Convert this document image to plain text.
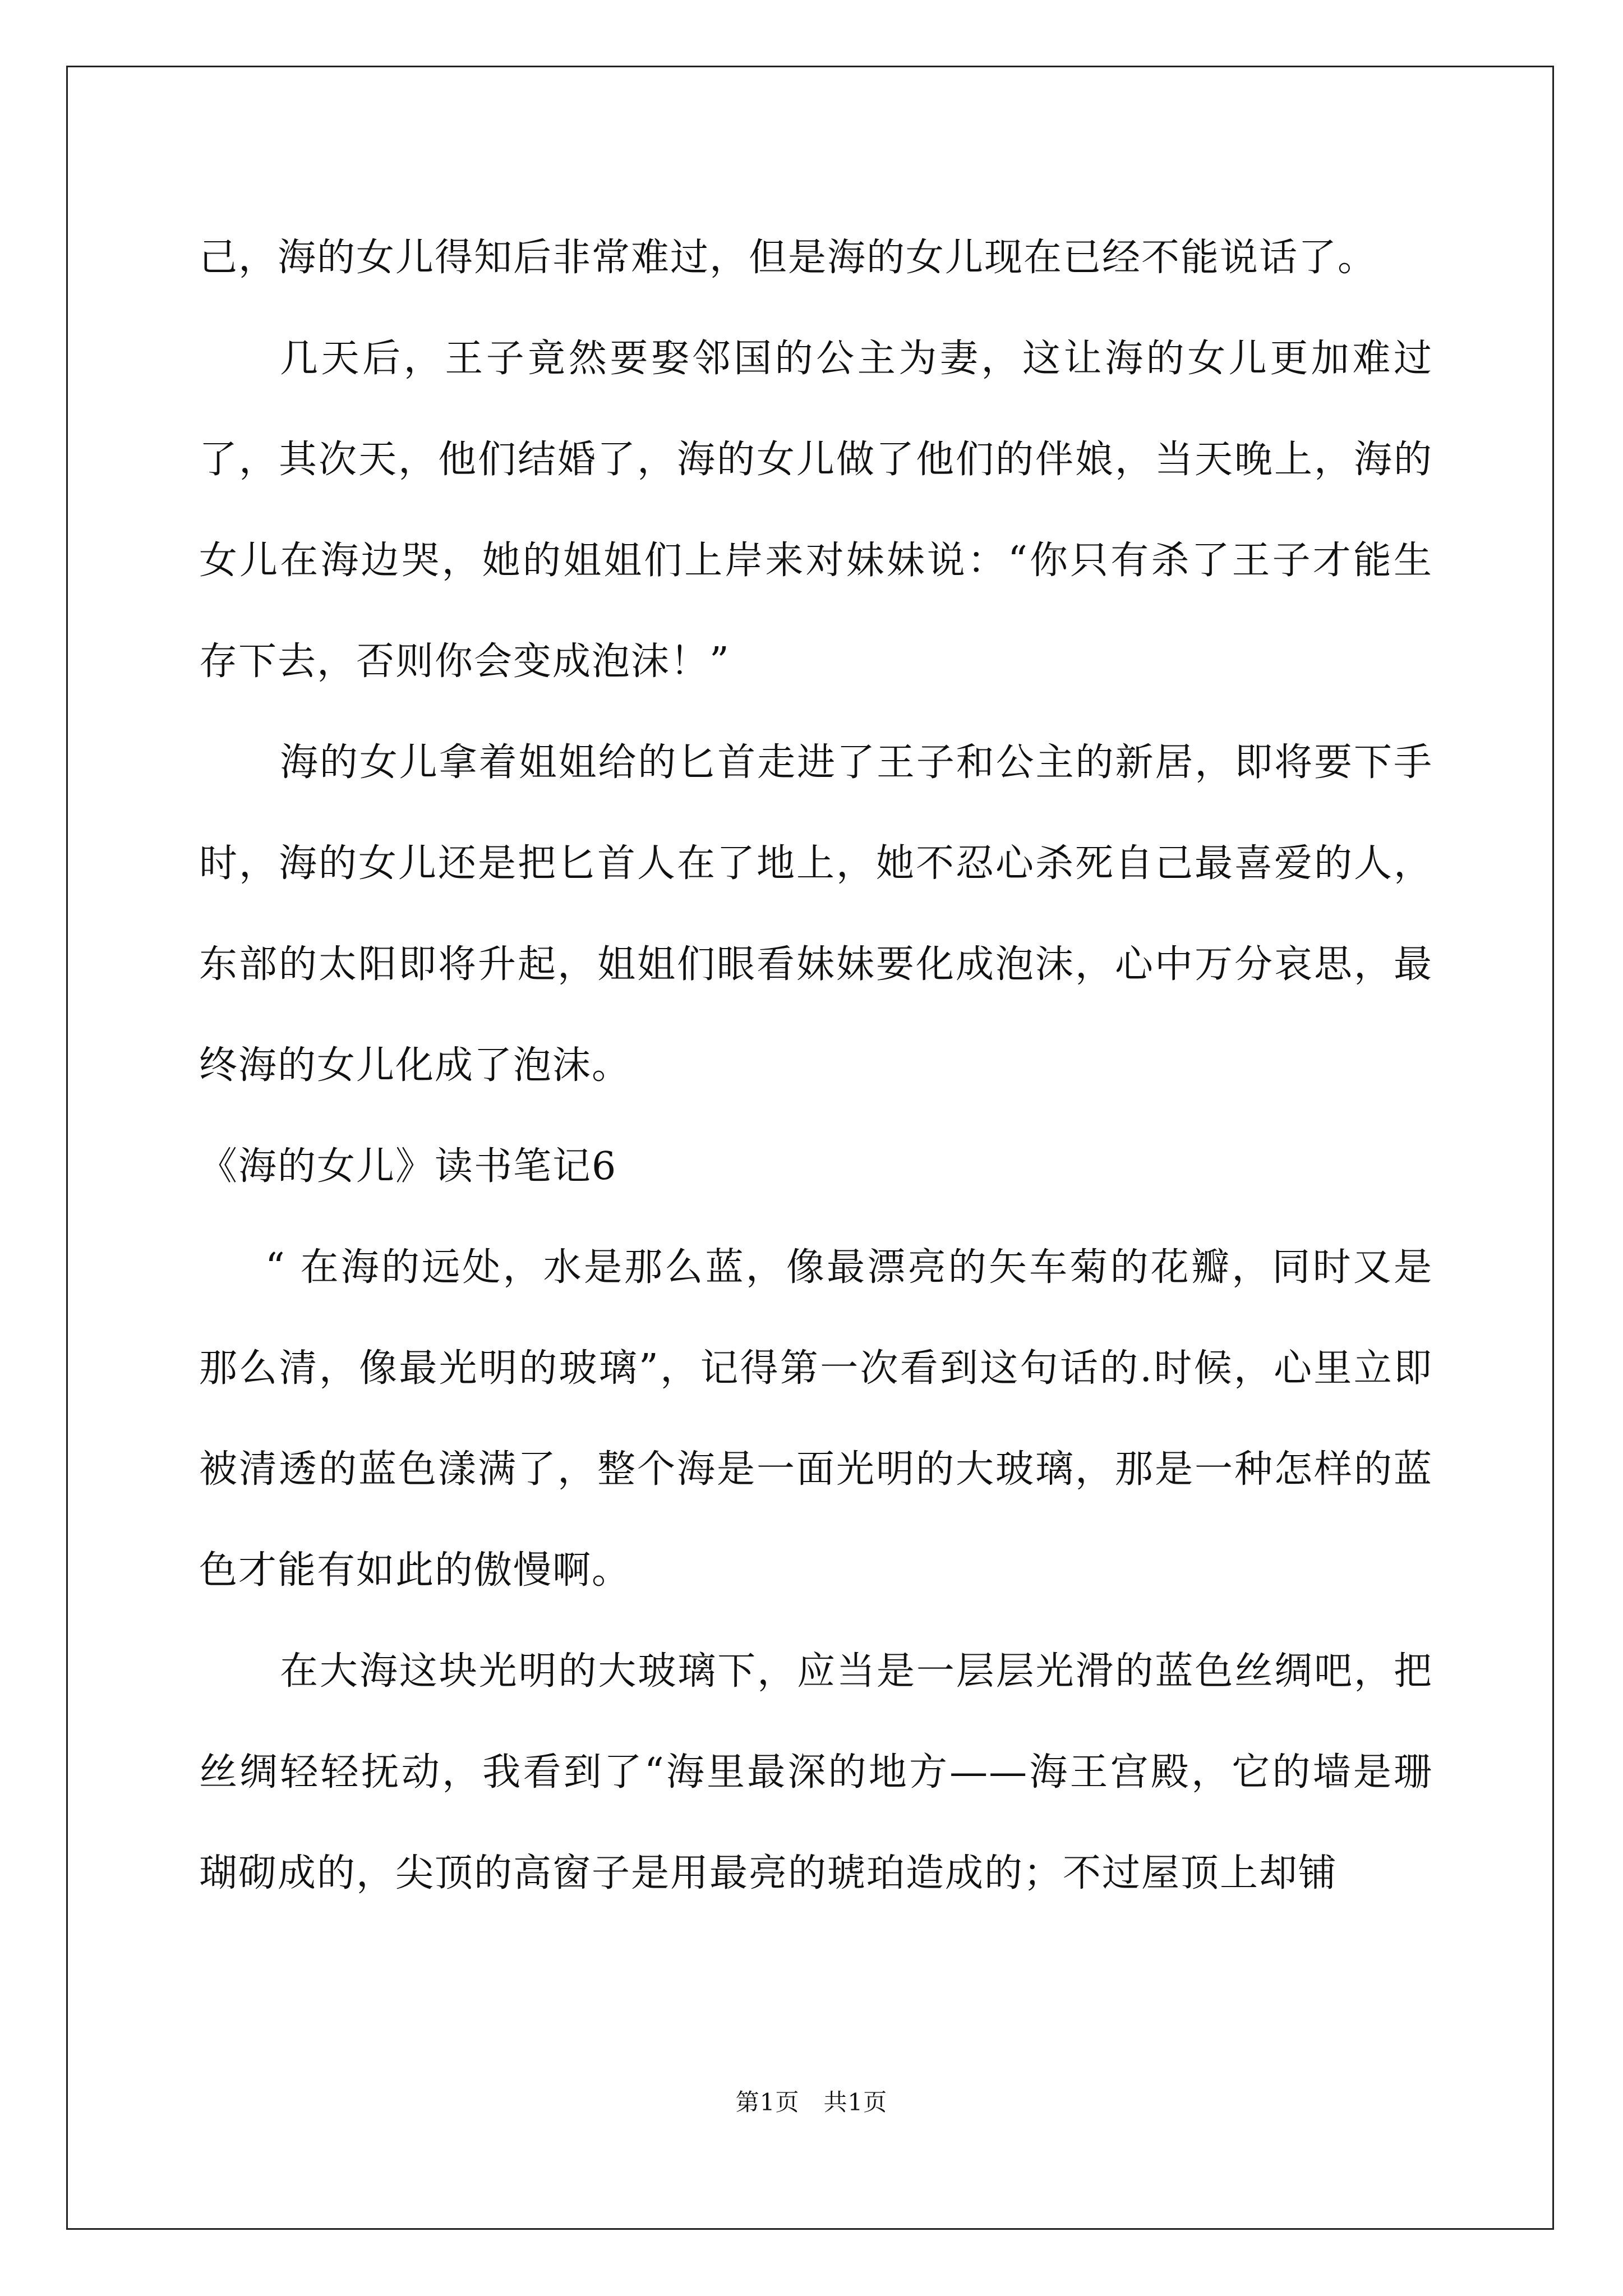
己，海的女儿得知后非常难过，但是海的女儿现在已经不能说话了。

几天后，王子竟然要娶邻国的公主为妻，这让海的女儿更加难过了，其次天，他们结婚了，海的女儿做了他们的伴娘，当天晚上，海的女儿在海边哭，她的姐姐们上岸来对妹妹说：“你只有杀了王子才能生存下去，否则你会变成泡沫！”

海的女儿拿着姐姐给的匕首走进了王子和公主的新居，即将要下手时，海的女儿还是把匕首人在了地上，她不忍心杀死自己最喜爱的人，东部的太阳即将升起，姐姐们眼看妹妹要化成泡沫，心中万分哀思，最终海的女儿化成了泡沫。

《海的女儿》读书笔记6

“ 在海的远处，水是那么蓝，像最漂亮的矢车菊的花瓣，同时又是那么清，像最光明的玻璃”，记得第一次看到这句话的.时候，心里立即被清透的蓝色漾满了，整个海是一面光明的大玻璃，那是一种怎样的蓝色才能有如此的傲慢啊。

在大海这块光明的大玻璃下，应当是一层层光滑的蓝色丝绸吧，把丝绸轻轻抚动，我看到了“海里最深的地方——海王宫殿，它的墙是珊瑚砌成的，尖顶的高窗子是用最亮的琥珀造成的；不过屋顶上却铺

第1页　共1页
